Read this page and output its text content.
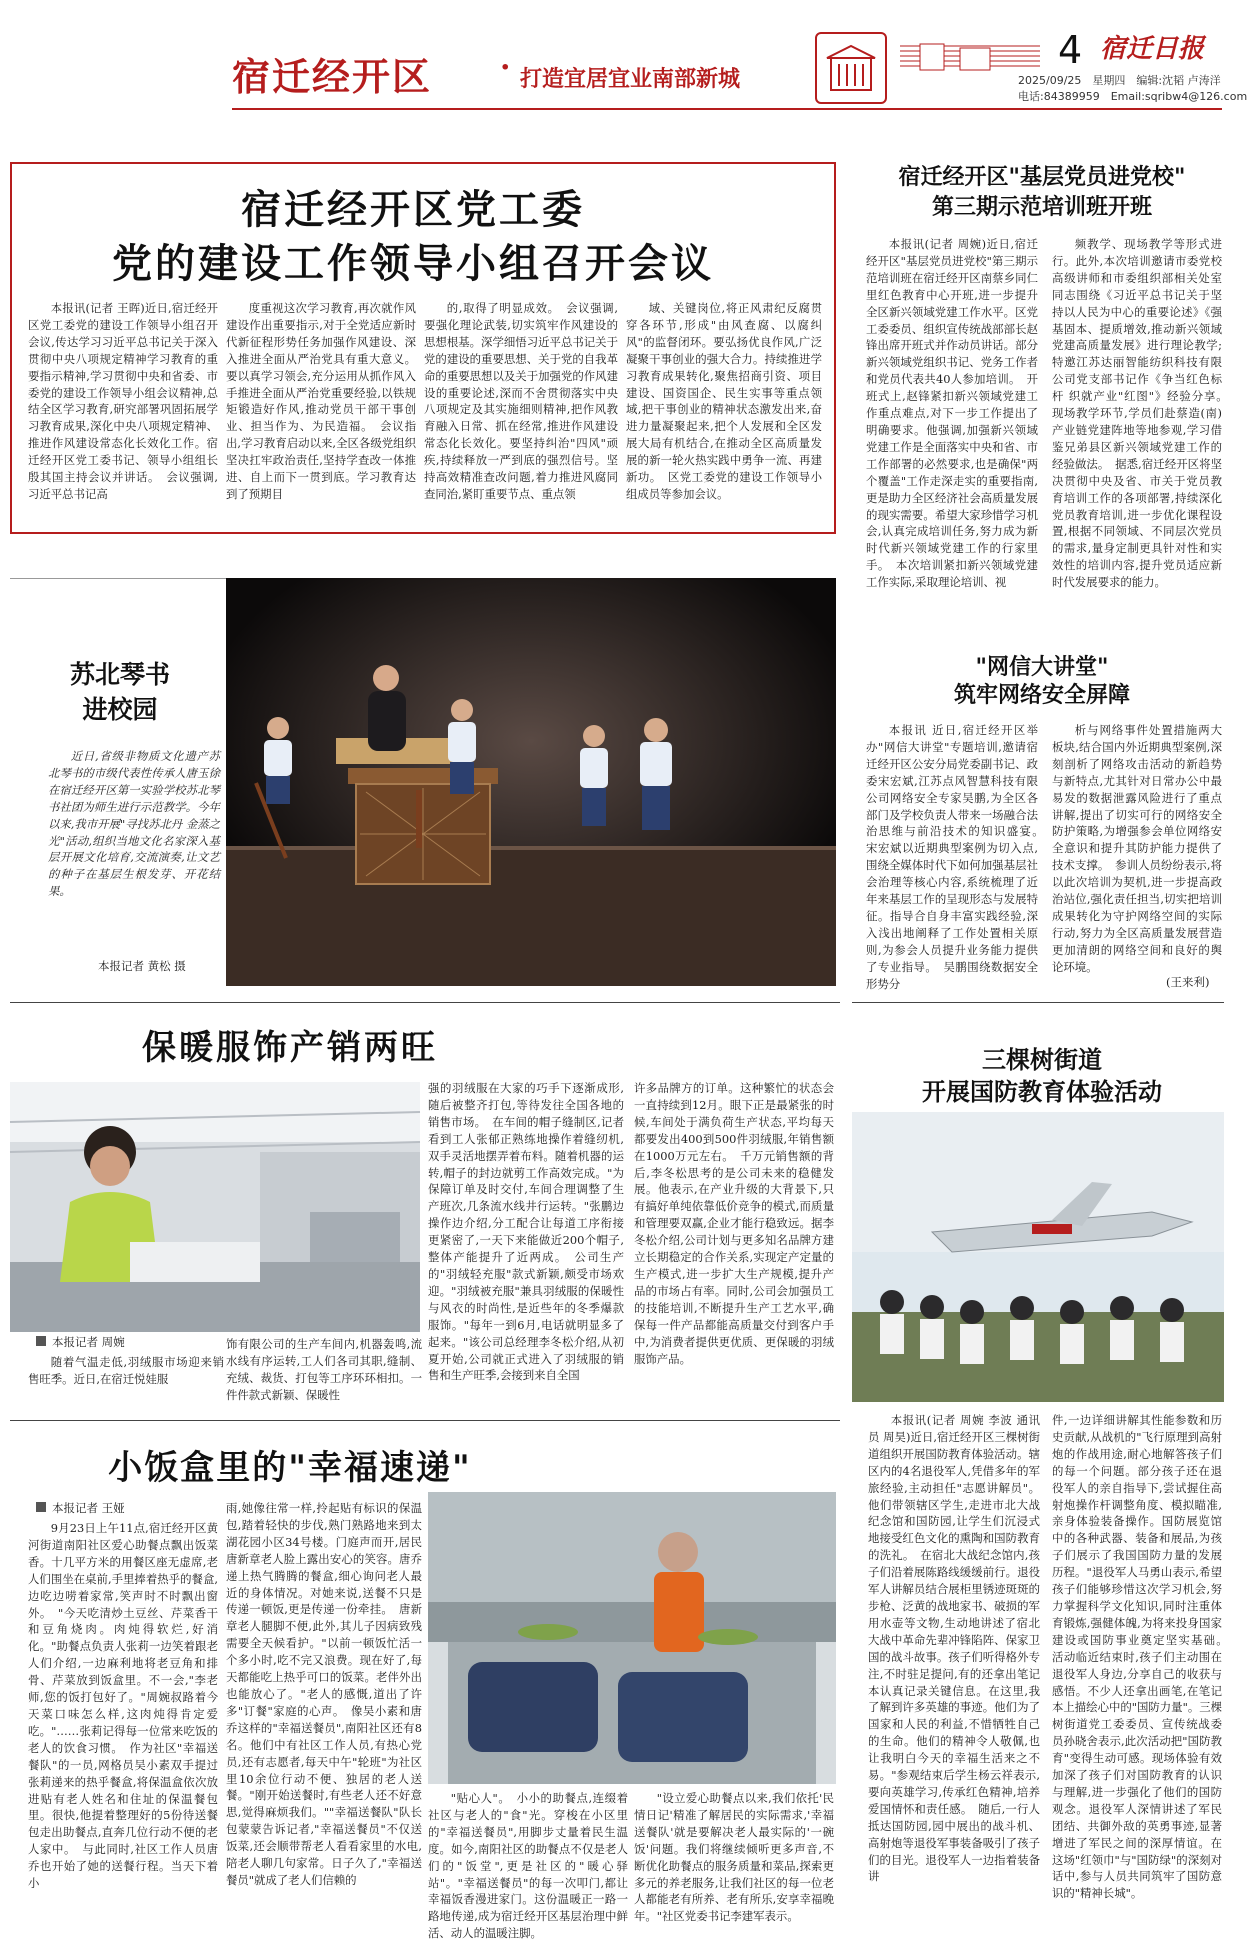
宿迁经开区 · 打造宜居宜业南部新城
4 宿迁日报
2025/09/25　星期四　编辑:沈韬 卢涛洋
电话:84389959　Email:sqribw4@126.com
宿迁经开区党工委
党的建设工作领导小组召开会议

本报讯(记者 王晖)近日,宿迁经开区党工委党的建设工作领导小组召开会议,传达学习习近平总书记关于深入贯彻中央八项规定精神学习教育的重要指示精神,学习贯彻中央和省委、市委党的建设工作领导小组会议精神,总结全区学习教育,研究部署巩固拓展学习教育成果,深化中央八项规定精神、推进作风建设常态化长效化工作。宿迁经开区党工委书记、领导小组组长殷其国主持会议并讲话。　会议强调,习近平总书记高

度重视这次学习教育,再次就作风建设作出重要指示,对于全党适应新时代新征程形势任务加强作风建设、深入推进全面从严治党具有重大意义。要以真学习领会,充分运用从抓作风入手推进全面从严治党重要经验,以铁规矩锻造好作风,推动党员干部干事创业、担当作为、为民造福。　会议指出,学习教育启动以来,全区各级党组织坚决扛牢政治责任,坚持学查改一体推进、自上而下一贯到底。学习教育达到了预期目

的,取得了明显成效。　会议强调,要强化理论武装,切实筑牢作风建设的思想根基。深学细悟习近平总书记关于党的建设的重要思想、关于党的自我革命的重要思想以及关于加强党的作风建设的重要论述,深而不舍贯彻落实中央八项规定及其实施细则精神,把作风教育融入日常、抓在经常,推进作风建设常态化长效化。要坚持纠治"四风"顽疾,持续释放一严到底的强烈信号。坚持高效精准查改问题,着力推进风腐同查同治,紧盯重要节点、重点领

域、关键岗位,将正风肃纪反腐贯穿各环节,形成"由风查腐、以腐纠风"的监督闭环。要弘扬优良作风,广泛凝聚干事创业的强大合力。持续推进学习教育成果转化,聚焦招商引资、项目建设、国资国企、民生实事等重点领域,把干事创业的精神状态激发出来,奋进力量凝聚起来,把个人发展和全区发展大局有机结合,在推动全区高质量发展的新一轮火热实践中勇争一流、再建新功。　区党工委党的建设工作领导小组成员等参加会议。

宿迁经开区"基层党员进党校"
第三期示范培训班开班

本报讯(记者 周婉)近日,宿迁经开区"基层党员进党校"第三期示范培训班在宿迁经开区南蔡乡同仁里红色教育中心开班,进一步提升全区新兴领域党建工作水平。区党工委委员、组织宣传统战部部长赵锋出席开班式并作动员讲话。部分新兴领域党组织书记、党务工作者和党员代表共40人参加培训。　开班式上,赵锋紧扣新兴领域党建工作重点难点,对下一步工作提出了明确要求。他强调,加强新兴领域党建工作是全面落实中央和省、市工作部署的必然要求,也是确保"两个覆盖"工作走深走实的重要指南,更是助力全区经济社会高质量发展的现实需要。希望大家珍惜学习机会,认真完成培训任务,努力成为新时代新兴领域党建工作的行家里手。　本次培训紧扣新兴领域党建工作实际,采取理论培训、视

频教学、现场教学等形式进行。此外,本次培训邀请市委党校高级讲师和市委组织部相关处室同志围绕《习近平总书记关于坚持以人民为中心的重要论述》《强基固本、提质增效,推动新兴领域党建高质量发展》进行理论教学;特邀江苏达丽智能纺织科技有限公司党支部书记作《争当红色标杆 织就产业"红图"》经验分享。　现场教学环节,学员们赴蔡造(南)产业链党建阵地等地参观,学习借鉴兄弟县区新兴领域党建工作的经验做法。　据悉,宿迁经开区将坚决贯彻中央及省、市关于党员教育培训工作的各项部署,持续深化党员教育培训,进一步优化课程设置,根据不同领域、不同层次党员的需求,量身定制更具针对性和实效性的培训内容,提升党员适应新时代发展要求的能力。

苏北琴书
进校园

近日,省级非物质文化遗产苏北琴书的市级代表性传承人唐玉徐在宿迁经开区第一实验学校苏北琴书社团为师生进行示范教学。今年以来,我市开展"寻找苏北丹 金蒸之光"活动,组织当地文化名家深入基层开展文化培育,交流演奏,让文艺的种子在基层生根发芽、开花结果。

本报记者 黄松 摄
"网信大讲堂"
筑牢网络安全屏障

本报讯 近日,宿迁经开区举办"网信大讲堂"专题培训,邀请宿迁经开区公安分局党委副书记、政委宋宏斌,江苏点风智慧科技有限公司网络安全专家吴鹏,为全区各部门及学校负责人带来一场融合法治思维与前沿技术的知识盛宴。　宋宏斌以近期典型案例为切入点,围绕全媒体时代下如何加强基层社会治理等核心内容,系统梳理了近年来基层工作的呈现形态与发展特征。指导合自身丰富实践经验,深入浅出地阐释了工作处置相关原则,为参会人员提升业务能力提供了专业指导。　吴鹏围绕数据安全形势分

析与网络事件处置措施两大板块,结合国内外近期典型案例,深刻剖析了网络攻击活动的新趋势与新特点,尤其针对日常办公中最易发的数据泄露风险进行了重点讲解,提出了切实可行的网络安全防护策略,为增强参会单位网络安全意识和提升其防护能力提供了技术支撑。　参训人员纷纷表示,将以此次培训为契机,进一步提高政治站位,强化责任担当,切实把培训成果转化为守护网络空间的实际行动,努力为全区高质量发展营造更加清朗的网络空间和良好的舆论环境。

(王来利)
保暖服饰产销两旺
本报记者 周婉

随着气温走低,羽绒服市场迎来销售旺季。近日,在宿迁悦娃服

饰有限公司的生产车间内,机器轰鸣,流水线有序运转,工人们各司其职,缝制、充绒、裁货、打包等工序环环相扣。一件件款式新颖、保暖性

强的羽绒服在大家的巧手下逐渐成形,随后被整齐打包,等待发往全国各地的销售市场。　在车间的帽子缝制区,记者看到工人张郁正熟练地操作着缝纫机,双手灵活地摆弄着布料。随着机器的运转,帽子的封边就剪工作高效完成。"为保障订单及时交付,车间合理调整了生产班次,几条流水线井行运转。"张鹏边操作边介绍,分工配合让每道工序衔接更紧密了,一天下来能做近200个帽子,整体产能提升了近两成。　公司生产的"羽绒轻充服"款式新颖,颇受市场欢迎。"羽绒被充服"兼具羽绒服的保暖性与风衣的时尚性,是近些年的冬季爆款服饰。"每年一到6月,电话就明显多了起来。"该公司总经理李冬松介绍,从初夏开始,公司就正式进入了羽绒服的销售和生产旺季,会接到来自全国

许多品牌方的订单。这种繁忙的状态会一直持续到12月。眼下正是最紧张的时候,车间处于满负荷生产状态,平均每天都要发出400到500件羽绒服,年销售额在1000万元左右。　千万元销售额的背后,李冬松思考的是公司未来的稳健发展。他表示,在产业升级的大背景下,只有搞好单纯依靠低价竞争的模式,而质量和管理要双赢,企业才能行稳致远。据李冬松介绍,公司计划与更多知名品牌方建立长期稳定的合作关系,实现定产定量的生产模式,进一步扩大生产规模,提升产品的市场占有率。同时,公司会加强员工的技能培训,不断提升生产工艺水平,确保每一件产品都能高质量交付到客户手中,为消费者提供更优质、更保暖的羽绒服饰产品。

三棵树街道
开展国防教育体验活动

本报讯(记者 周婉 李波 通讯员 周昊)近日,宿迁经开区三棵树街道组织开展国防教育体验活动。辖区内的4名退役军人,凭借多年的军旅经验,主动担任"志愿讲解员"。他们带领辖区学生,走进市北大战纪念馆和国防园,让学生们沉浸式地接受红色文化的熏陶和国防教育的洗礼。　在宿北大战纪念馆内,孩子们沿着展陈路线缓缓前行。退役军人讲解员结合展柜里锈迹斑斑的步枪、泛黄的战地家书、破损的军用水壶等文物,生动地讲述了宿北大战中革命先辈冲锋陷阵、保家卫国的战斗故事。孩子们听得格外专注,不时驻足提问,有的还拿出笔记本认真记录关键信息。在这里,我了解到许多英雄的事迹。他们为了国家和人民的利益,不惜牺牲自己的生命。他们的精神令人敬佩,也让我明白今天的幸福生活来之不易。"参观结束后学生杨云祥表示,要向英雄学习,传承红色精神,培养爱国情怀和责任感。　随后,一行人抵达国防园,园中展出的战斗机、高射炮等退役军事装备吸引了孩子们的目光。退役军人一边指着装备讲

件,一边详细讲解其性能参数和历史贡献,从战机的"飞行原理到高射炮的作战用途,耐心地解答孩子们的每一个问题。部分孩子还在退役军人的亲自指导下,尝试握住高射炮操作杆调整角度、模拟瞄准,亲身体验装备操作。国防展览馆中的各种武器、装备和展品,为孩子们展示了我国国防力量的发展历程。"退役军人马勇山表示,希望孩子们能够珍惜这次学习机会,努力掌握科学文化知识,同时注重体育锻炼,强健体魄,为将来投身国家建设或国防事业奠定坚实基础。　活动临近结束时,孩子们主动围在退役军人身边,分享自己的收获与感悟。不少人还拿出画笔,在笔记本上描绘心中的"国防力量"。三棵树街道党工委委员、宣传统战委员孙晓舍表示,此次活动把"国防教育"变得生动可感。现场体验有效加深了孩子们对国防教育的认识与理解,进一步强化了他们的国防观念。退役军人深情讲述了军民团结、共御外敌的英勇事迹,显著增进了军民之间的深厚情谊。在这场"红领巾"与"国防绿"的深刻对话中,参与人员共同筑牢了国防意识的"精神长城"。

小饭盒里的"幸福速递"
本报记者 王娅

9月23日上午11点,宿迁经开区黄河街道南阳社区爱心助餐点飘出饭菜香。十几平方米的用餐区座无虚席,老人们围坐在桌前,手里捧着热乎的餐盒,边吃边唠着家常,笑声时不时飘出窗外。　"今天吃清炒土豆丝、芹菜香干和豆角烧肉。肉炖得软烂,好消化。"助餐点负责人张莉一边笑着跟老人们介绍,一边麻利地将老豆角和排骨、芹菜放到饭盒里。不一会,"李老师,您的饭打包好了。"周婉叔路着今天菜口味怎么样,这肉炖得肯定爱吃。"……张莉记得每一位常来吃饭的老人的饮食习惯。　作为社区"幸福送餐队"的一员,网格员吴小素双手提过张莉递来的热乎餐盒,将保温盒依次放进贴有老人姓名和住址的保温餐包里。很快,他提着整理好的5份待送餐包走出助餐点,直奔几位行动不便的老人家中。　与此同时,社区工作人员唐乔也开始了她的送餐行程。当天下着小

雨,她像往常一样,拎起贴有标识的保温包,踏着轻快的步伐,熟门熟路地来到太湖花园小区34号楼。门庭声而开,居民唐新章老人脸上露出安心的笑容。唐乔递上热气腾腾的餐盒,细心询问老人最近的身体情况。对她来说,送餐不只是传递一顿饭,更是传递一份牵挂。　唐新章老人腿脚不便,此外,其儿子因病致残需要全天候看护。"以前一顿饭忙活一个多小时,吃不完又浪费。现在好了,每天都能吃上热乎可口的饭菜。老伴外出也能放心了。"老人的感慨,道出了许多"订餐"家庭的心声。　像吴小素和唐乔这样的"幸福送餐员",南阳社区还有8名。他们中有社区工作人员,有热心党员,还有志愿者,每天中午"轮班"为社区里10余位行动不便、独居的老人送餐。"刚开始送餐时,有些老人还不好意思,觉得麻烦我们。""幸福送餐队"队长包蒙蒙告诉记者,"幸福送餐员"不仅送饭菜,还会顺带帮老人看看家里的水电,陪老人聊几句家常。日子久了,"幸福送餐员"就成了老人们信赖的

"贴心人"。　小小的助餐点,连缀着社区与老人的"食"光。穿梭在小区里的"幸福送餐员",用脚步丈量着民生温度。如今,南阳社区的助餐点不仅是老人们的"饭堂",更是社区的"暖心驿站"。"幸福送餐员"的每一次叩门,都让幸福饭香漫进家门。这份温暖正一路一路地传递,成为宿迁经开区基层治理中鲜活、动人的温暖注脚。

"设立爱心助餐点以来,我们依托'民情日记'精准了解居民的实际需求,'幸福送餐队'就是要解决老人最实际的'一碗饭'问题。我们将继续倾听更多声音,不断优化助餐点的服务质量和菜品,探索更多元的养老服务,让我们社区的每一位老人都能老有所养、老有所乐,安享幸福晚年。"社区党委书记李建军表示。
